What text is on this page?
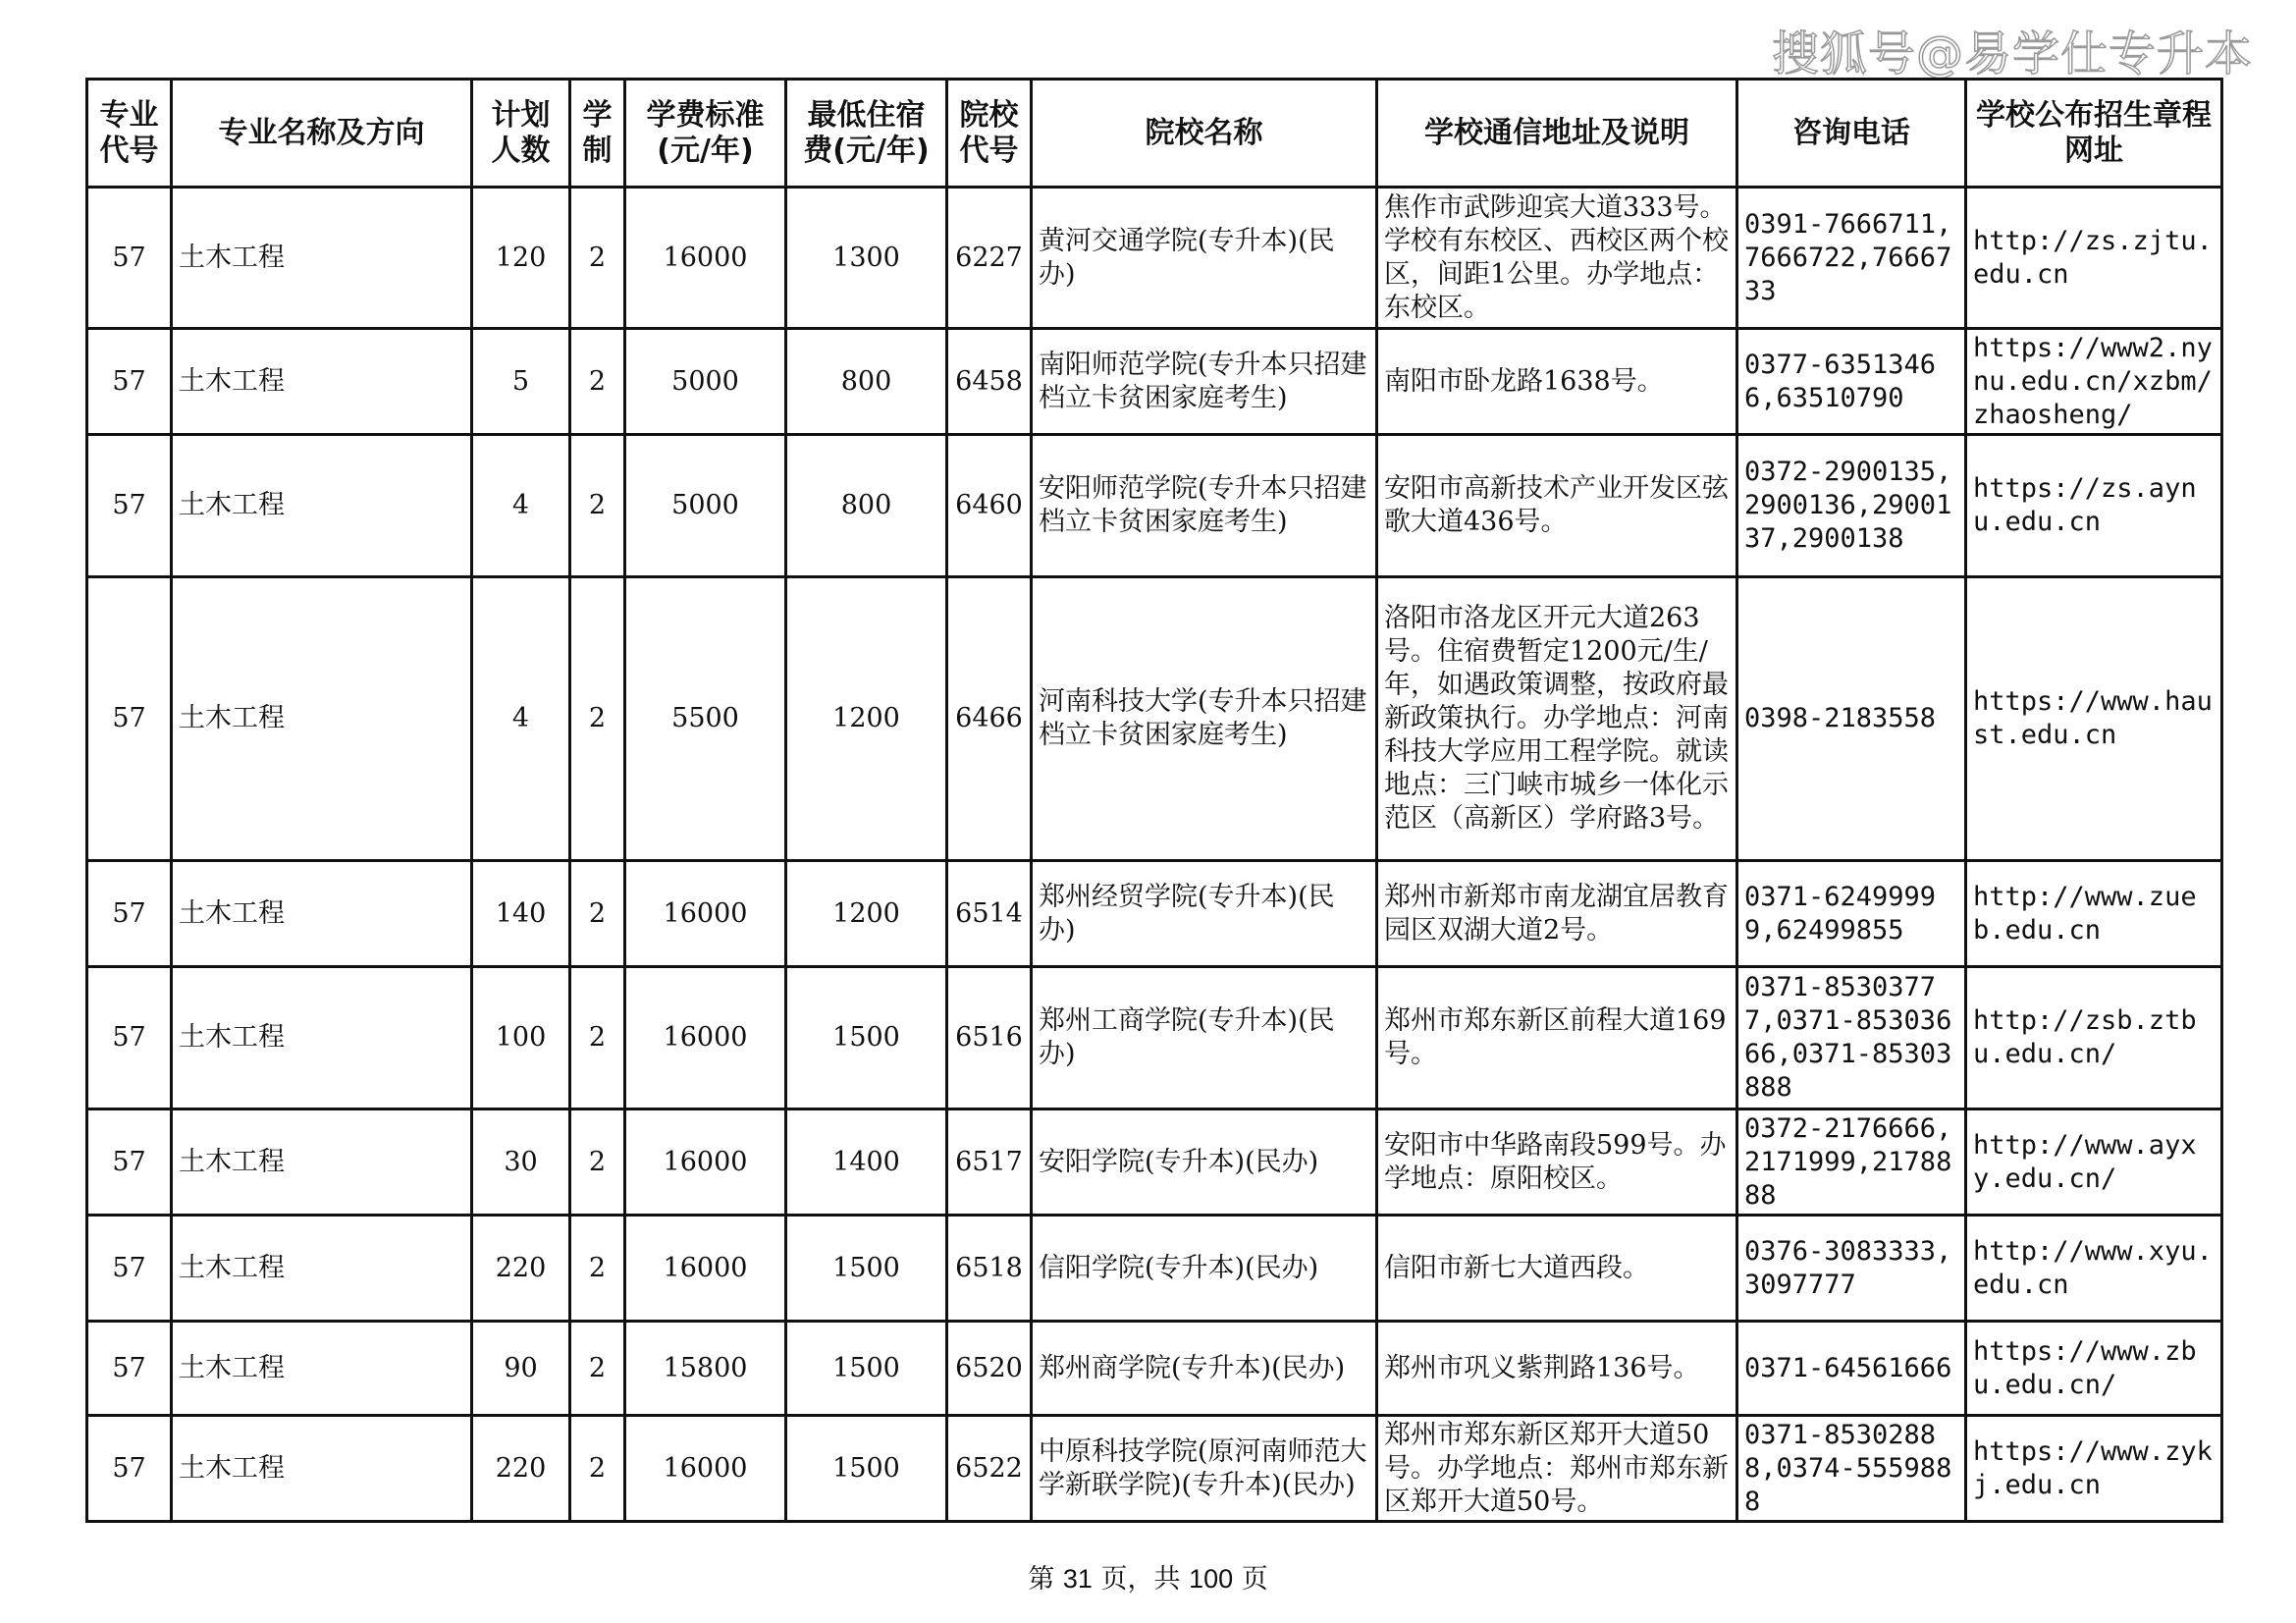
搜狐号@易学仕专升本
专业代号	专业名称及方向	计划人数	学制	学费标准(元/年)	最低住宿费(元/年)	院校代号	院校名称	学校通信地址及说明	咨询电话	学校公布招生章程网址
57	土木工程	120	2	16000	1300	6227	黄河交通学院(专升本)(民办)	焦作市武陟迎宾大道333号。学校有东校区、西校区两个校区，间距1公里。办学地点：东校区。	0391-7666711,7666722,7666733	http://zs.zjtu.edu.cn
57	土木工程	5	2	5000	800	6458	南阳师范学院(专升本只招建档立卡贫困家庭考生)	南阳市卧龙路1638号。	0377-63513466,63510790	https://www2.nynu.edu.cn/xzbm/zhaosheng/
57	土木工程	4	2	5000	800	6460	安阳师范学院(专升本只招建档立卡贫困家庭考生)	安阳市高新技术产业开发区弦歌大道436号。	0372-2900135,2900136,2900137,2900138	https://zs.aynu.edu.cn
57	土木工程	4	2	5500	1200	6466	河南科技大学(专升本只招建档立卡贫困家庭考生)	洛阳市洛龙区开元大道263号。住宿费暂定1200元/生/年，如遇政策调整，按政府最新政策执行。办学地点：河南科技大学应用工程学院。就读地点：三门峡市城乡一体化示范区（高新区）学府路3号。	0398-2183558	https://www.haust.edu.cn
57	土木工程	140	2	16000	1200	6514	郑州经贸学院(专升本)(民办)	郑州市新郑市南龙湖宜居教育园区双湖大道2号。	0371-62499999,62499855	http://www.zueb.edu.cn
57	土木工程	100	2	16000	1500	6516	郑州工商学院(专升本)(民办)	郑州市郑东新区前程大道169号。	0371-85303777,0371-85303666,0371-85303888	http://zsb.ztbu.edu.cn/
57	土木工程	30	2	16000	1400	6517	安阳学院(专升本)(民办)	安阳市中华路南段599号。办学地点：原阳校区。	0372-2176666,2171999,2178888	http://www.ayxy.edu.cn/
57	土木工程	220	2	16000	1500	6518	信阳学院(专升本)(民办)	信阳市新七大道西段。	0376-3083333,3097777	http://www.xyu.edu.cn
57	土木工程	90	2	15800	1500	6520	郑州商学院(专升本)(民办)	郑州市巩义紫荆路136号。	0371-64561666	https://www.zbu.edu.cn/
57	土木工程	220	2	16000	1500	6522	中原科技学院(原河南师范大学新联学院)(专升本)(民办)	郑州市郑东新区郑开大道50号。办学地点：郑州市郑东新区郑开大道50号。	0371-85302888,0374-5559888	https://www.zykj.edu.cn
第 31 页，共 100 页
